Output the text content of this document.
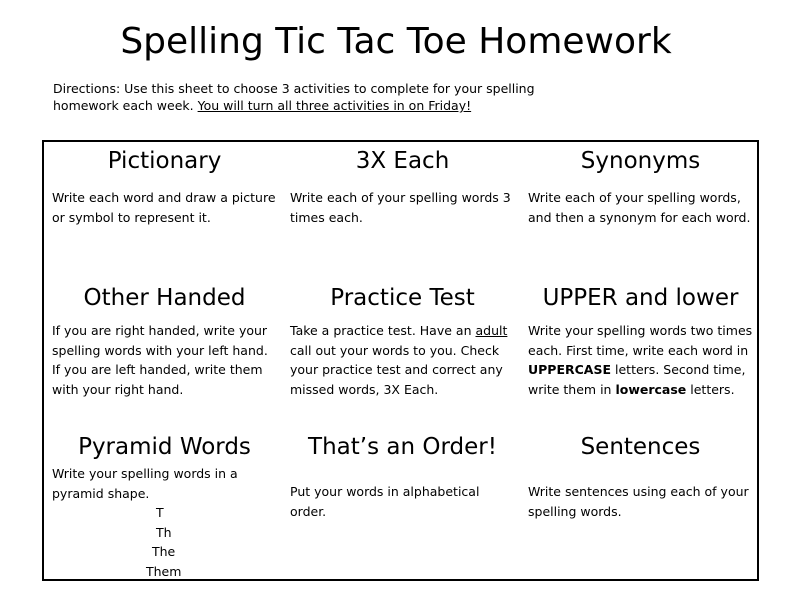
Spelling Tic Tac Toe Homework
Directions: Use this sheet to choose 3 activities to complete for your spelling homework each week. You will turn all three activities in on Friday!
Pictionary
Write each word and draw a picture or symbol to represent it.
3X Each
Write each of your spelling words 3 times each.
Synonyms
Write each of your spelling words, and then a synonym for each word.
Other Handed
If you are right handed, write your spelling words with your left hand. If you are left handed, write them with your right hand.
Practice Test
Take a practice test. Have an adult call out your words to you. Check your practice test and correct any missed words, 3X Each.
UPPER and lower
Write your spelling words two times each. First time, write each word in UPPERCASE letters. Second time, write them in lowercase letters.
Pyramid Words
Write your spelling words in a pyramid shape.
T
Th
The
Them
That’s an Order!
Put your words in alphabetical order.
Sentences
Write sentences using each of your spelling words.
